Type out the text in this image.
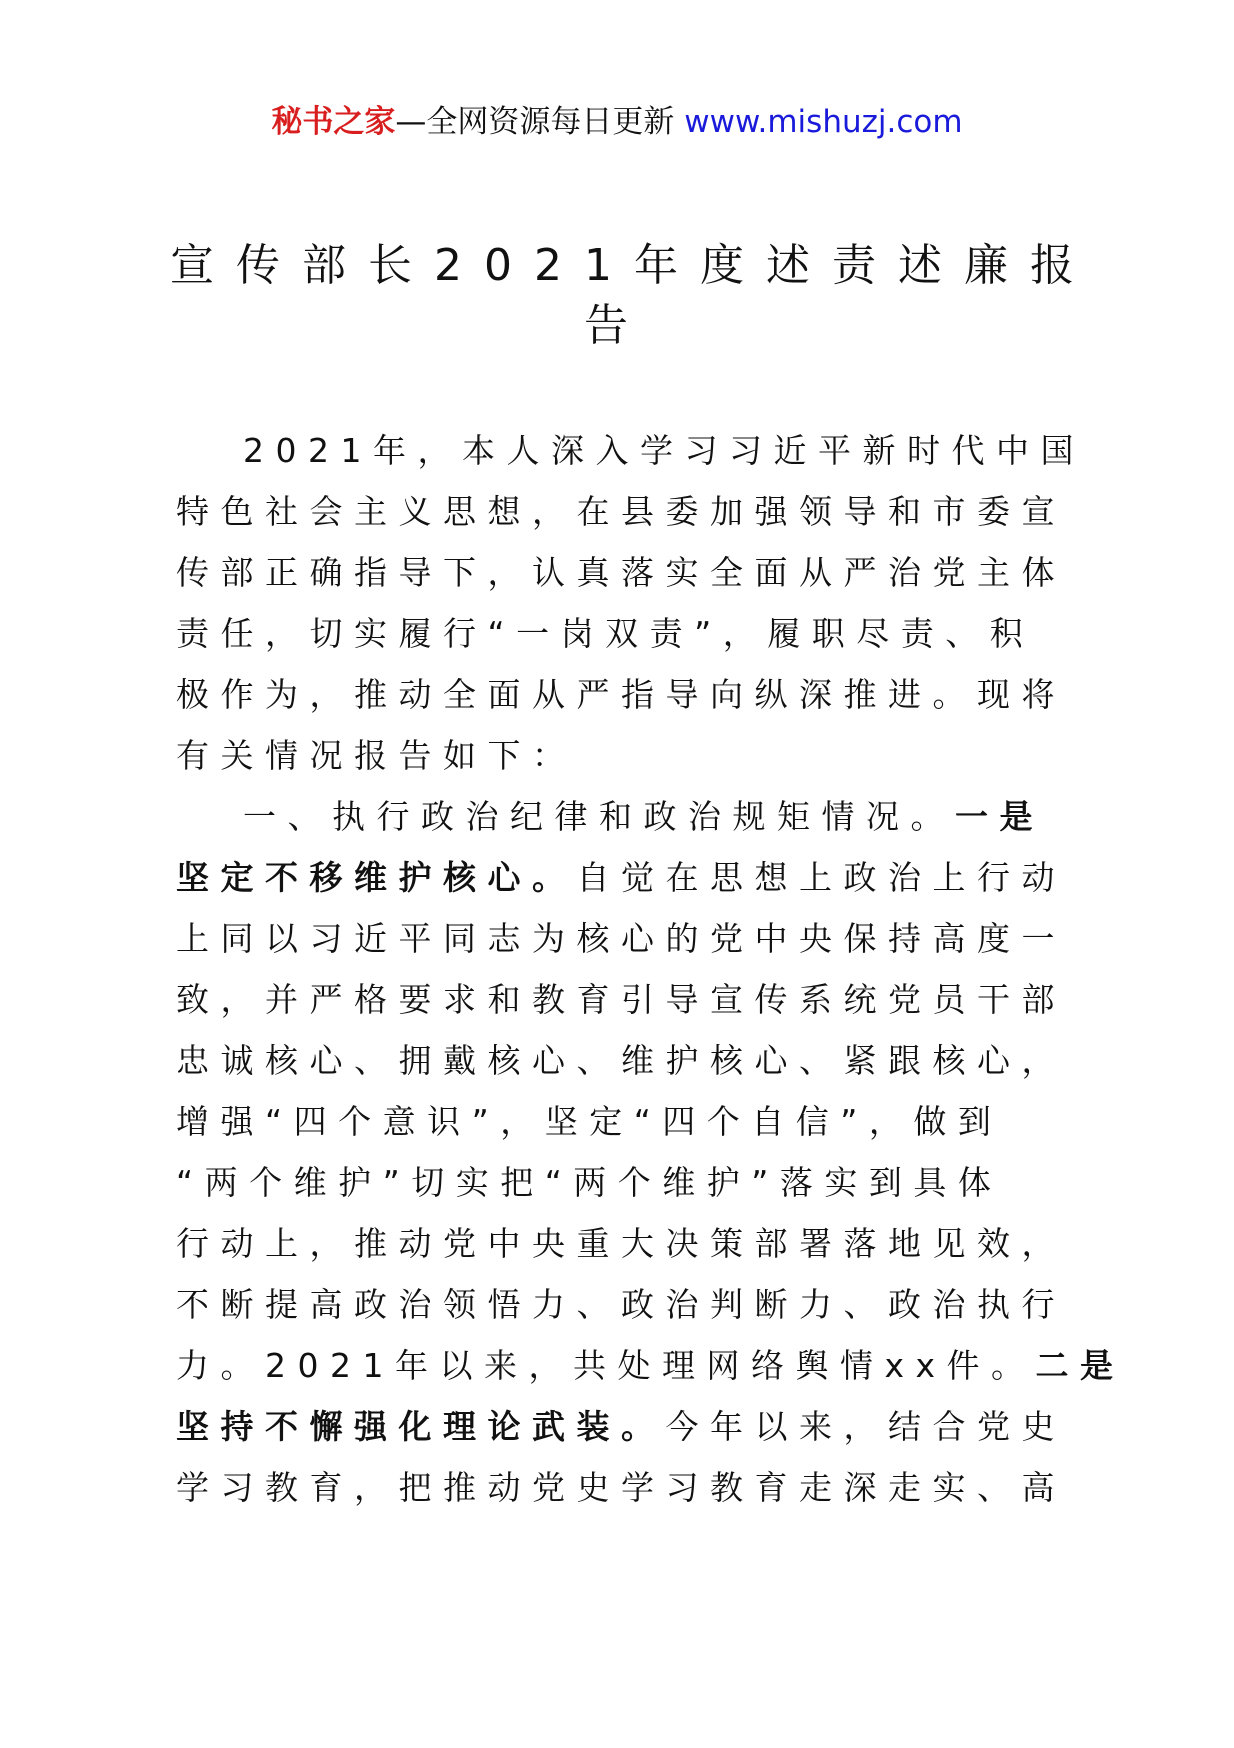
秘书之家—全网资源每日更新 www.mishuzj.com
宣传部长2021年度述责述廉报
告
2021年，本人深入学习习近平新时代中国
特色社会主义思想，在县委加强领导和市委宣
传部正确指导下，认真落实全面从严治党主体
责任，切实履行“一岗双责”，履职尽责、积
极作为，推动全面从严指导向纵深推进。现将
有关情况报告如下：
一、执行政治纪律和政治规矩情况。一是
坚定不移维护核心。自觉在思想上政治上行动
上同以习近平同志为核心的党中央保持高度一
致，并严格要求和教育引导宣传系统党员干部
忠诚核心、拥戴核心、维护核心、紧跟核心，
增强“四个意识”，坚定“四个自信”，做到
“两个维护”切实把“两个维护”落实到具体
行动上，推动党中央重大决策部署落地见效，
不断提高政治领悟力、政治判断力、政治执行
力。2021年以来，共处理网络舆情xx件。二是
坚持不懈强化理论武装。今年以来，结合党史
学习教育，把推动党史学习教育走深走实、高
